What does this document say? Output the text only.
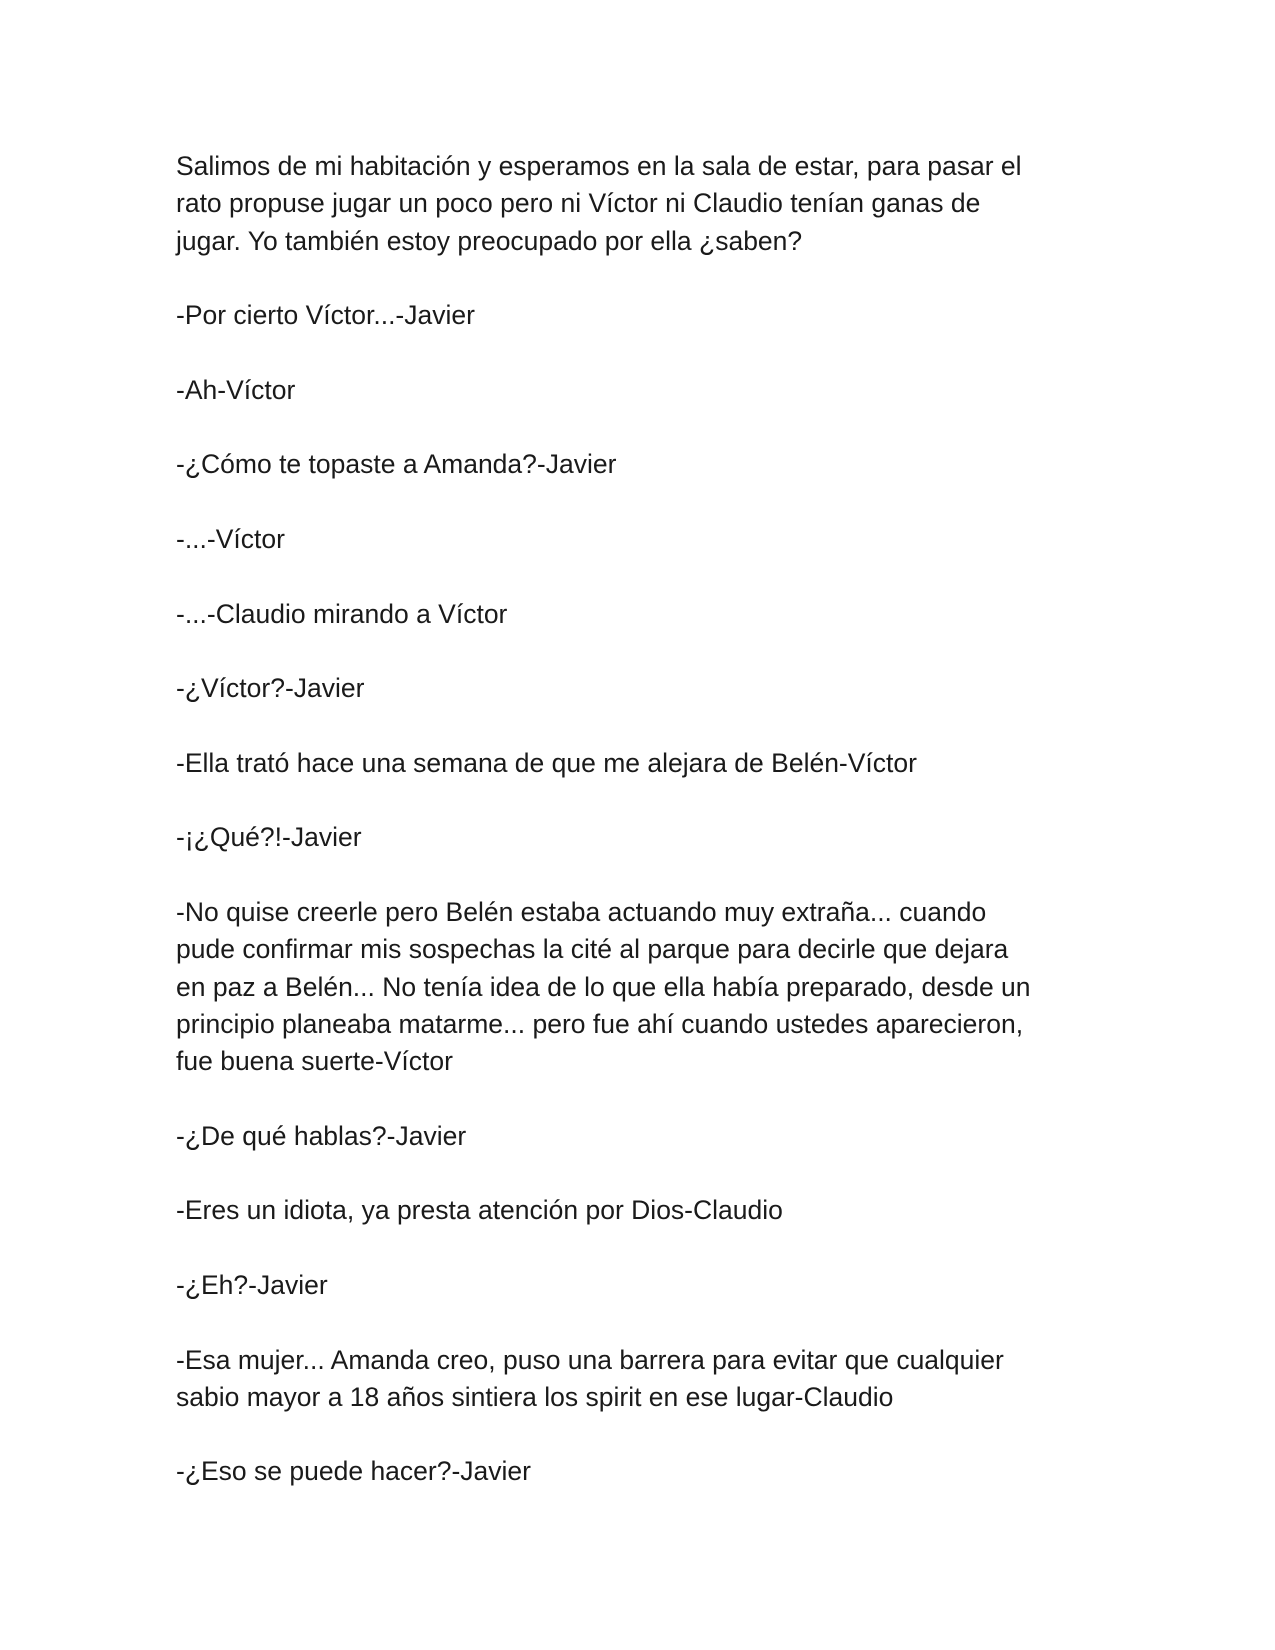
Salimos de mi habitación y esperamos en la sala de estar, para pasar el
rato propuse jugar un poco pero ni Víctor ni Claudio tenían ganas de
jugar. Yo también estoy preocupado por ella ¿saben?

-Por cierto Víctor...-Javier

-Ah-Víctor

-¿Cómo te topaste a Amanda?-Javier

-...-Víctor

-...-Claudio mirando a Víctor

-¿Víctor?-Javier

-Ella trató hace una semana de que me alejara de Belén-Víctor

-¡¿Qué?!-Javier

-No quise creerle pero Belén estaba actuando muy extraña... cuando
pude confirmar mis sospechas la cité al parque para decirle que dejara
en paz a Belén... No tenía idea de lo que ella había preparado, desde un
principio planeaba matarme... pero fue ahí cuando ustedes aparecieron,
fue buena suerte-Víctor

-¿De qué hablas?-Javier

-Eres un idiota, ya presta atención por Dios-Claudio

-¿Eh?-Javier

-Esa mujer... Amanda creo, puso una barrera para evitar que cualquier
sabio mayor a 18 años sintiera los spirit en ese lugar-Claudio

-¿Eso se puede hacer?-Javier
